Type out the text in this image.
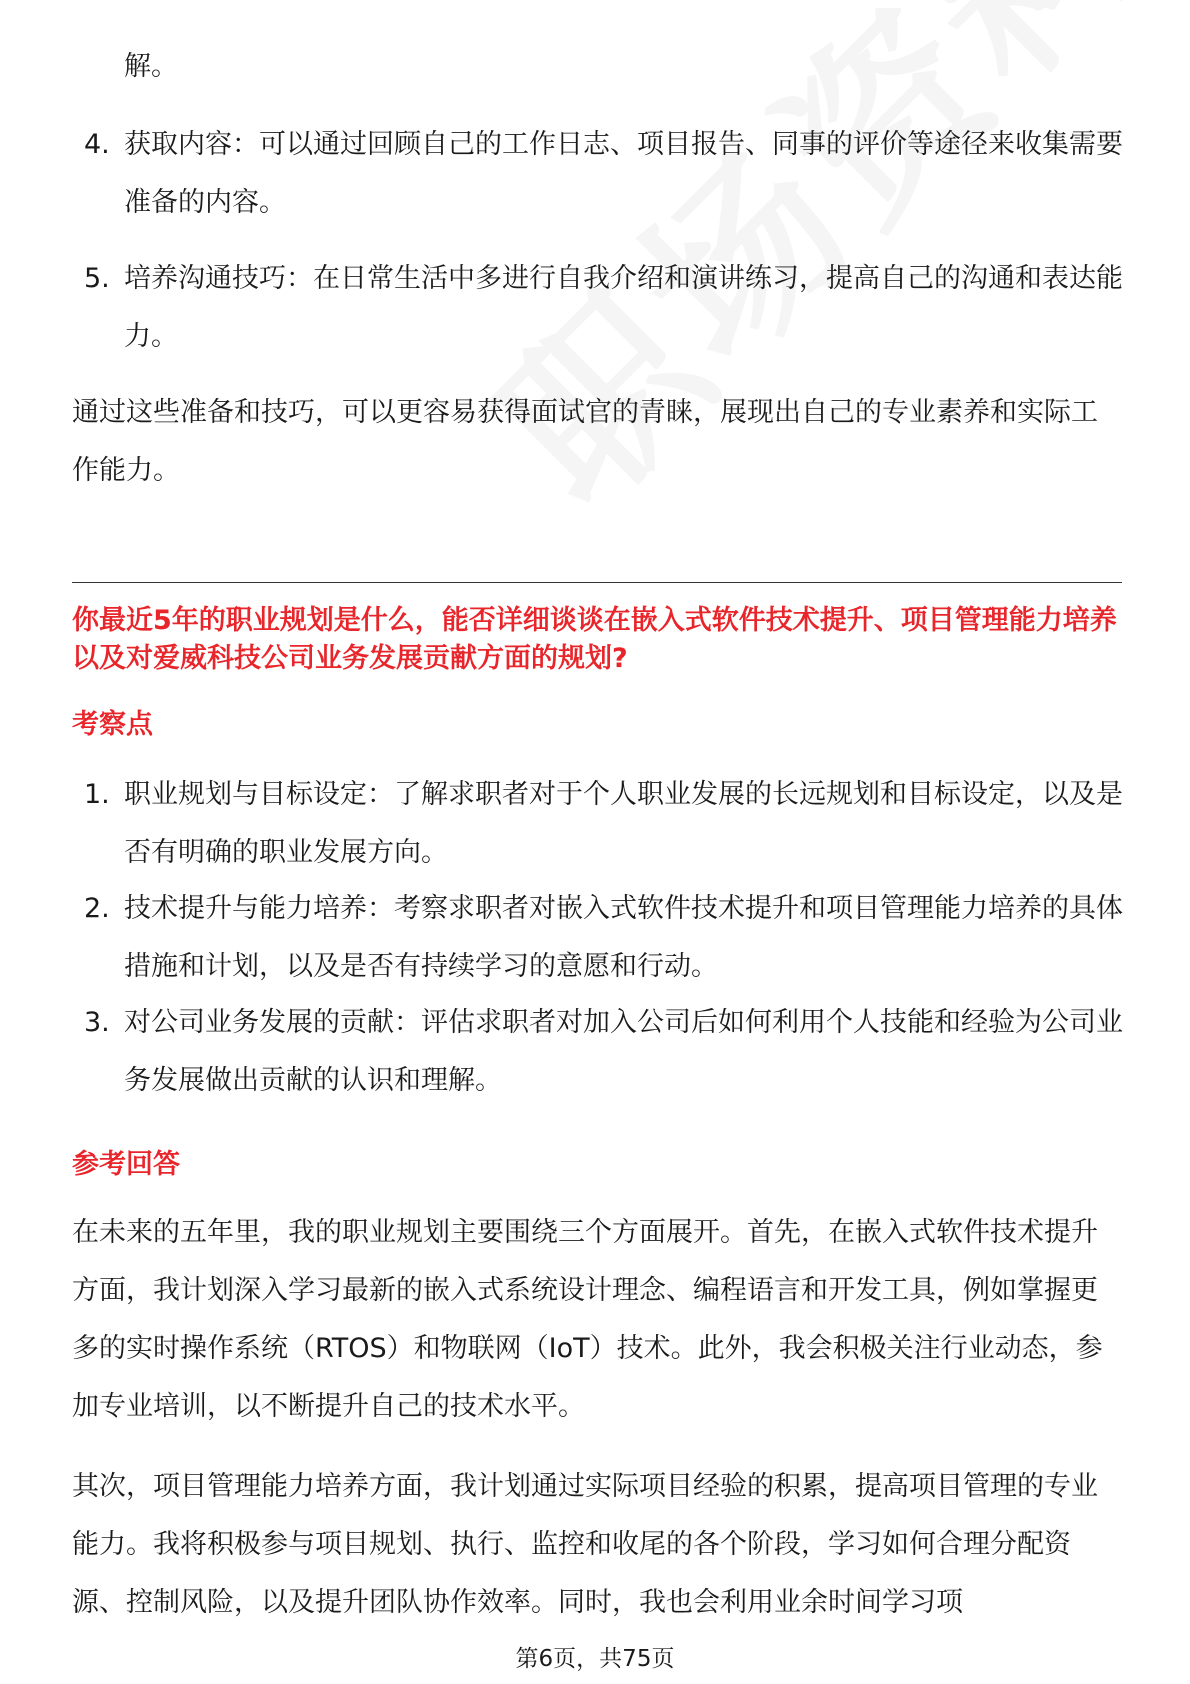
解。
4. 获取内容：可以通过回顾自己的工作日志、项目报告、同事的评价等途径来收集需要准备的内容。
5. 培养沟通技巧：在日常生活中多进行自我介绍和演讲练习，提高自己的沟通和表达能力。
通过这些准备和技巧，可以更容易获得面试官的青睐，展现出自己的专业素养和实际工作能力。
你最近5年的职业规划是什么，能否详细谈谈在嵌入式软件技术提升、项目管理能力培养以及对爱威科技公司业务发展贡献方面的规划?
考察点
1. 职业规划与目标设定：了解求职者对于个人职业发展的长远规划和目标设定，以及是否有明确的职业发展方向。
2. 技术提升与能力培养：考察求职者对嵌入式软件技术提升和项目管理能力培养的具体措施和计划，以及是否有持续学习的意愿和行动。
3. 对公司业务发展的贡献：评估求职者对加入公司后如何利用个人技能和经验为公司业务发展做出贡献的认识和理解。
参考回答
在未来的五年里，我的职业规划主要围绕三个方面展开。首先，在嵌入式软件技术提升方面，我计划深入学习最新的嵌入式系统设计理念、编程语言和开发工具，例如掌握更多的实时操作系统（RTOS）和物联网（IoT）技术。此外，我会积极关注行业动态，参加专业培训，以不断提升自己的技术水平。
其次，项目管理能力培养方面，我计划通过实际项目经验的积累，提高项目管理的专业能力。我将积极参与项目规划、执行、监控和收尾的各个阶段，学习如何合理分配资源、控制风险，以及提升团队协作效率。同时，我也会利用业余时间学习项
第6页，共75页
